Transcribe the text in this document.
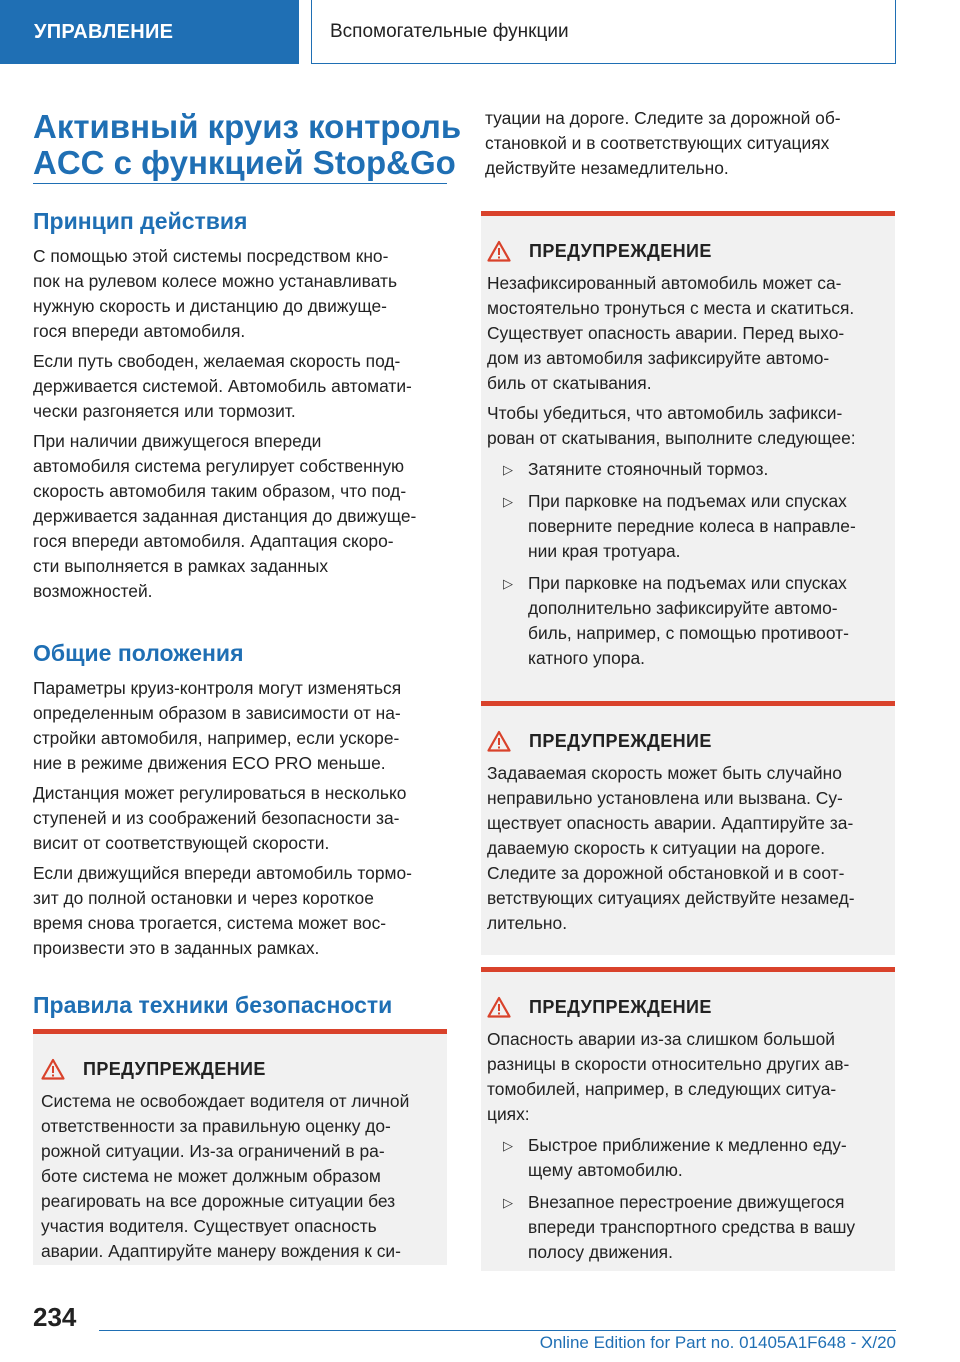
УПРАВЛЕНИЕ	Вспомогательные функции
Активный круиз контроль
ACC с функцией Stop&Go
Принцип действия

С помощью этой системы посредством кно-
пок на рулевом колесе можно устанавливать
нужную скорость и дистанцию до движуще-
гося впереди автомобиля.

Если путь свободен, желаемая скорость под-
держивается системой. Автомобиль автомати-
чески разгоняется или тормозит.

При наличии движущегося впереди
автомобиля система регулирует собственную
скорость автомобиля таким образом, что под-
держивается заданная дистанция до движуще-
гося впереди автомобиля. Адаптация скоро-
сти выполняется в рамках заданных
возможностей.

Общие положения

Параметры круиз-контроля могут изменяться
определенным образом в зависимости от на-
стройки автомобиля, например, если ускоре-
ние в режиме движения ECO PRO меньше.

Дистанция может регулироваться в несколько
ступеней и из соображений безопасности за-
висит от соответствующей скорости.

Если движущийся впереди автомобиль тормо-
зит до полной остановки и через короткое
время снова трогается, система может вос-
произвести это в заданных рамках.

Правила техники безопасности
ПРЕДУПРЕЖДЕНИЕ

Система не освобождает водителя от личной
ответственности за правильную оценку до-
рожной ситуации. Из-за ограничений в ра-
боте система не может должным образом
реагировать на все дорожные ситуации без
участия водителя. Существует опасность
аварии. Адаптируйте манеру вождения к си-

туации на дороге. Следите за дорожной об-
становкой и в соответствующих ситуациях
действуйте незамедлительно.

ПРЕДУПРЕЖДЕНИЕ

Незафиксированный автомобиль может са-
мостоятельно тронуться с места и скатиться.
Существует опасность аварии. Перед выхо-
дом из автомобиля зафиксируйте автомо-
биль от скатывания.

Чтобы убедиться, что автомобиль зафикси-
рован от скатывания, выполните следующее:

▷ Затяните стояночный тормоз.
▷ При парковке на подъемах или спусках
поверните передние колеса в направле-
нии края тротуара.
▷ При парковке на подъемах или спусках
дополнительно зафиксируйте автомо-
биль, например, с помощью противоот-
катного упора.
ПРЕДУПРЕЖДЕНИЕ

Задаваемая скорость может быть случайно
неправильно установлена или вызвана. Су-
ществует опасность аварии. Адаптируйте за-
даваемую скорость к ситуации на дороге.
Следите за дорожной обстановкой и в соот-
ветствующих ситуациях действуйте незамед-
лительно.

ПРЕДУПРЕЖДЕНИЕ

Опасность аварии из-за слишком большой
разницы в скорости относительно других ав-
томобилей, например, в следующих ситуа-
циях:

▷ Быстрое приближение к медленно еду-
щему автомобилю.
▷ Внезапное перестроение движущегося
впереди транспортного средства в вашу
полосу движения.
234
Online Edition for Part no. 01405A1F648 - X/20
